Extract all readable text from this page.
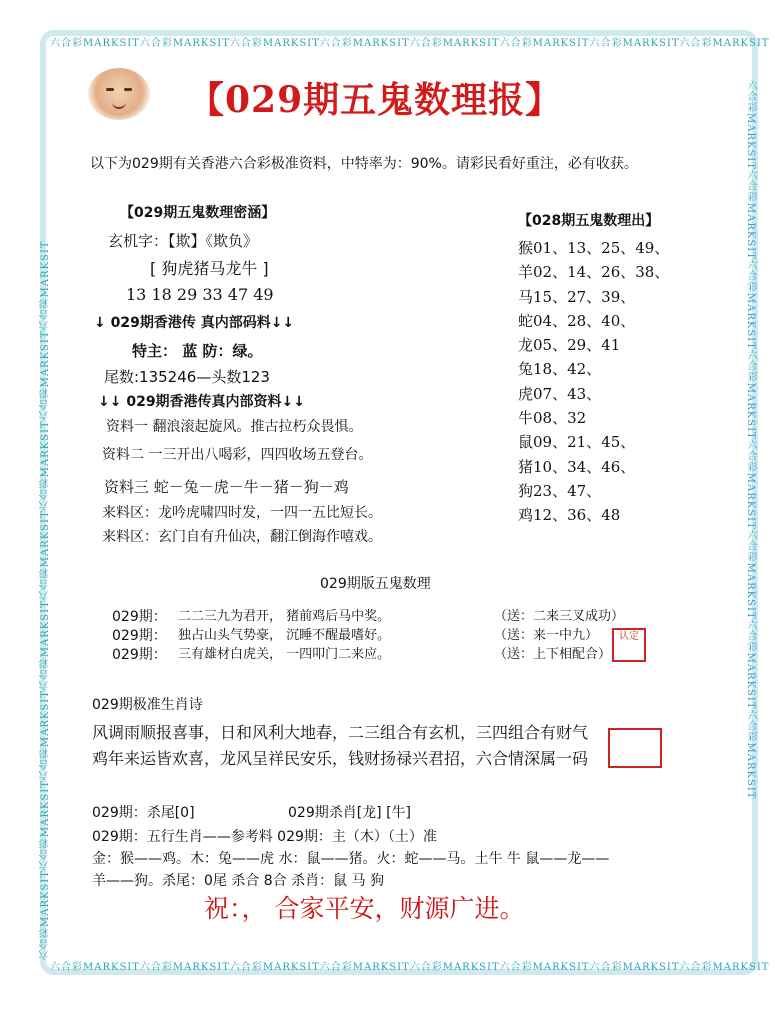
六合彩MARKSIT六合彩MARKSIT六合彩MARKSIT六合彩MARKSIT六合彩MARKSIT六合彩MARKSIT六合彩MARKSIT六合彩MARKSIT
六合彩MARKSIT六合彩MARKSIT六合彩MARKSIT六合彩MARKSIT六合彩MARKSIT六合彩MARKSIT六合彩MARKSIT六合彩MARKSIT
六合彩MARKSIT六合彩MARKSIT六合彩MARKSIT六合彩MARKSIT六合彩MARKSIT六合彩MARKSIT六合彩MARKSIT六合彩MARKSIT	六合彩MARKSIT六合彩MARKSIT六合彩MARKSIT六合彩MARKSIT六合彩MARKSIT六合彩MARKSIT六合彩MARKSIT六合彩MARKSIT
【029期五鬼数理报】
以下为029期有关香港六合彩极准资料，中特率为：90%。请彩民看好重注，必有收获。
【029期五鬼数理密涵】
玄机字：【欺】《欺负》
[ 狗虎猪马龙牛 ]
13 18 29 33 47 49
↓ 029期香港传 真内部码料↓↓
特主： 蓝 防：绿。
尾数:135246—头数123
↓↓ 029期香港传真内部资料↓↓
资料一 翻浪滚起旋风。推古拉朽众畏惧。
资料二 一三开出八喝彩，四四收场五登台。
资料三 蛇－兔－虎－牛－猪－狗－鸡
来料区：龙吟虎啸四时发，一四一五比短长。
来料区：玄门自有升仙决，翻江倒海作嘻戏。
【028期五鬼数理出】
猴01、13、25、49、
羊02、14、26、38、
马15、27、39、
蛇04、28、40、
龙05、29、41
兔18、42、
虎07、43、
牛08、32
鼠09、21、45、
猪10、34、46、
狗23、47、
鸡12、36、48
029期版五鬼数理
029期： 二二三九为君开， 猪前鸡后马中奖。	（送：二来三叉成功）
029期： 独占山头气势豪， 沉睡不醒最嗜好。	（送：来一中九）
029期： 三有雄材白虎关， 一四叩门二来应。	（送：上下相配合）
认定
029期极准生肖诗
风调雨顺报喜事，日和风利大地春，二三组合有玄机，三四组合有财气
鸡年来运皆欢喜，龙风呈祥民安乐，钱财扬禄兴君招，六合情深属一码
029期：杀尾[0]	029期杀肖[龙] [牛]
029期：五行生肖——参考料 029期：主（木）（土）准
金：猴——鸡。木：兔——虎 水：鼠——猪。火：蛇——马。土牛 牛 鼠——龙——
羊——狗。杀尾：0尾 杀合 8合 杀肖：鼠 马 狗
祝：， 合家平安，财源广进。
